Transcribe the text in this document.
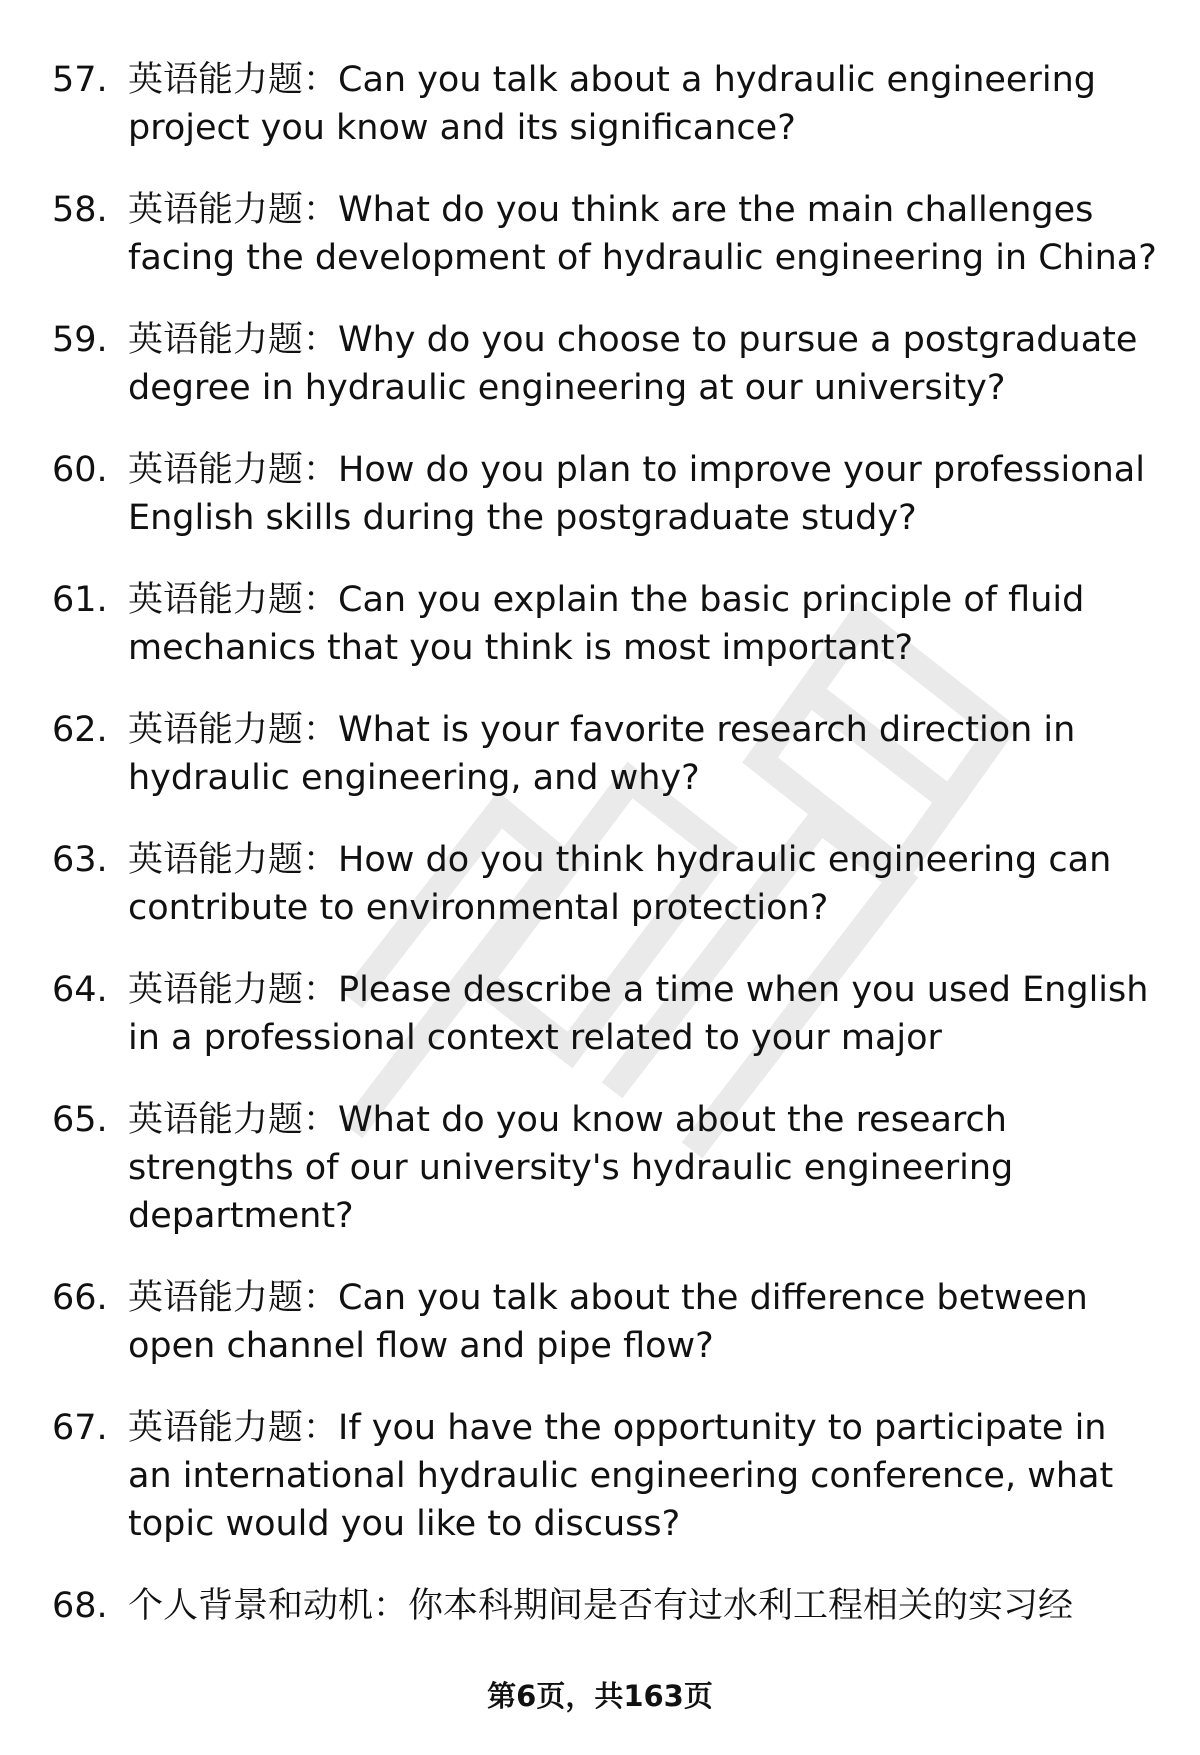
57. 英语能力题：Can you talk about a hydraulic engineering project you know and its significance?
58. 英语能力题：What do you think are the main challenges facing the development of hydraulic engineering in China?
59. 英语能力题：Why do you choose to pursue a postgraduate degree in hydraulic engineering at our university?
60. 英语能力题：How do you plan to improve your professional English skills during the postgraduate study?
61. 英语能力题：Can you explain the basic principle of fluid mechanics that you think is most important?
62. 英语能力题：What is your favorite research direction in hydraulic engineering, and why?
63. 英语能力题：How do you think hydraulic engineering can contribute to environmental protection?
64. 英语能力题：Please describe a time when you used English in a professional context related to your major
65. 英语能力题：What do you know about the research strengths of our university's hydraulic engineering department?
66. 英语能力题：Can you talk about the difference between open channel flow and pipe flow?
67. 英语能力题：If you have the opportunity to participate in an international hydraulic engineering conference, what topic would you like to discuss?
68. 个人背景和动机：你本科期间是否有过水利工程相关的实习经
第6页，共163页
